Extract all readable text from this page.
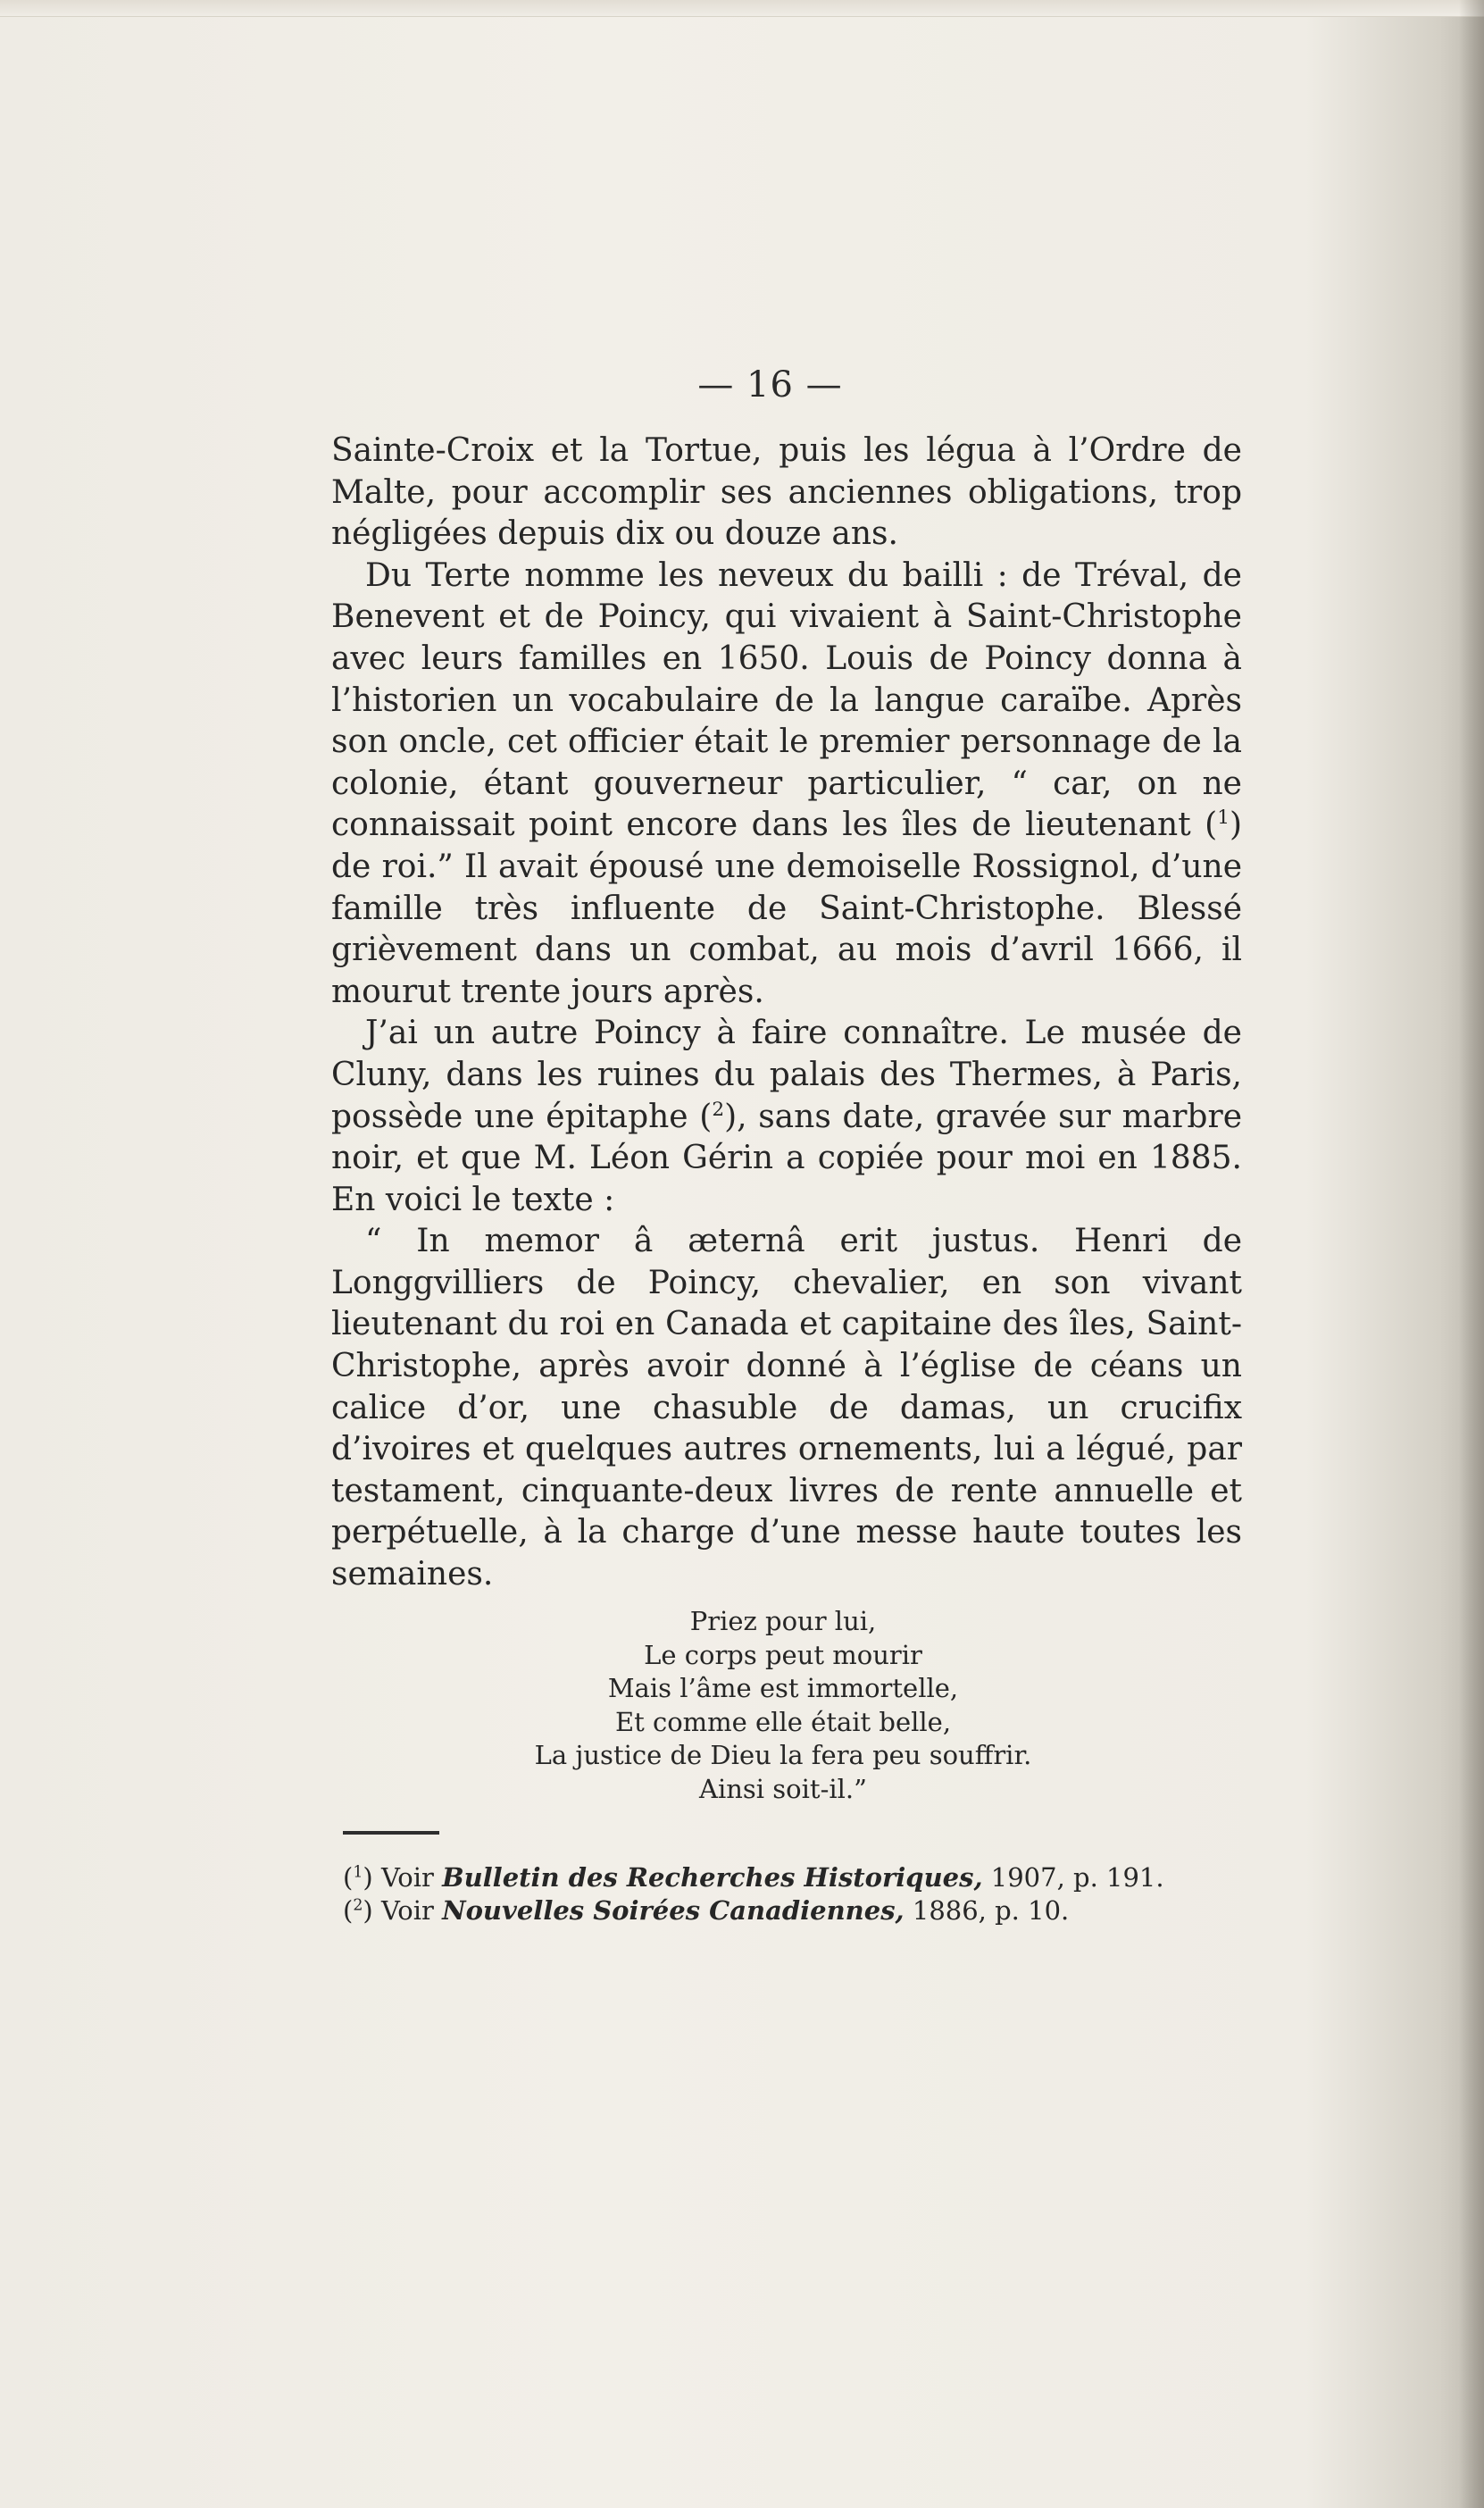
— 16 —

Sainte-Croix et la Tortue, puis les légua à l’Ordre de Malte, pour accomplir ses anciennes obligations, trop négligées depuis dix ou douze ans.

Du Terte nomme les neveux du bailli : de Tréval, de Benevent et de Poincy, qui vivaient à Saint-Christophe avec leurs familles en 1650. Louis de Poincy donna à l’historien un vocabulaire de la langue caraïbe. Après son oncle, cet officier était le premier personnage de la colonie, étant gouverneur particulier, “ car, on ne connaissait point encore dans les îles de lieutenant ($^1$) de roi.” Il avait épousé une demoiselle Rossignol, d’une famille très influente de Saint-Christophe. Blessé grièvement dans un combat, au mois d’avril 1666, il mourut trente jours après.

J’ai un autre Poincy à faire connaître. Le musée de Cluny, dans les ruines du palais des Thermes, à Paris, possède une épitaphe ($^2$), sans date, gravée sur marbre noir, et que M. Léon Gérin a copiée pour moi en 1885. En voici le texte :

“ In memor â æternâ erit justus. Henri de Longgvilliers de Poincy, chevalier, en son vivant lieutenant du roi en Canada et capitaine des îles, Saint-Christophe, après avoir donné à l’église de céans un calice d’or, une chasuble de damas, un crucifix d’ivoires et quelques autres ornements, lui a légué, par testament, cinquante-deux livres de rente annuelle et perpétuelle, à la charge d’une messe haute toutes les semaines.

Priez pour lui,
Le corps peut mourir
Mais l’âme est immortelle,
Et comme elle était belle,
La justice de Dieu la fera peu souffrir.
Ainsi soit-il.”
($^1$) Voir Bulletin des Recherches Historiques, 1907, p. 191.
($^2$) Voir Nouvelles Soirées Canadiennes, 1886, p. 10.
